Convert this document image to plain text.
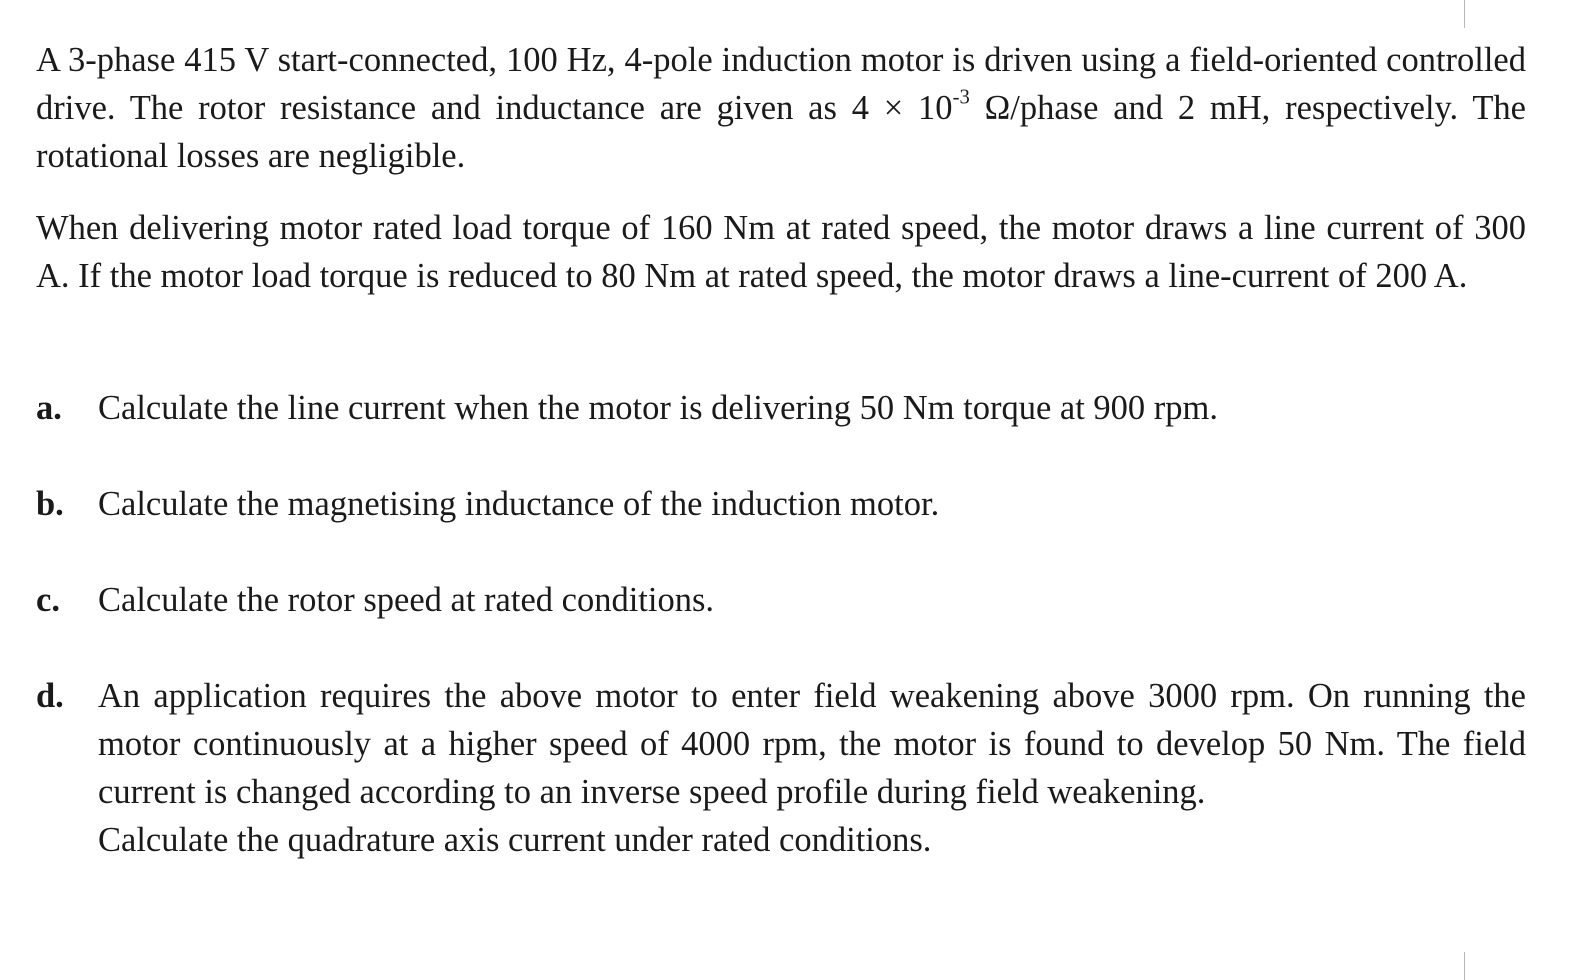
A 3-phase 415 V start-connected, 100 Hz, 4-pole induction motor is driven using a field-oriented controlled drive. The rotor resistance and inductance are given as $4 \times 10^{-3}$ Ω/phase and 2 mH, respectively. The rotational losses are negligible.

When delivering motor rated load torque of 160 Nm at rated speed, the motor draws a line current of 300 A. If the motor load torque is reduced to 80 Nm at rated speed, the motor draws a line-current of 200 A.

a. Calculate the line current when the motor is delivering 50 Nm torque at 900 rpm.

b. Calculate the magnetising inductance of the induction motor.

c. Calculate the rotor speed at rated conditions.

d. An application requires the above motor to enter field weakening above 3000 rpm. On running the motor continuously at a higher speed of 4000 rpm, the motor is found to develop 50 Nm. The field current is changed according to an inverse speed profile during field weakening.

Calculate the quadrature axis current under rated conditions.
